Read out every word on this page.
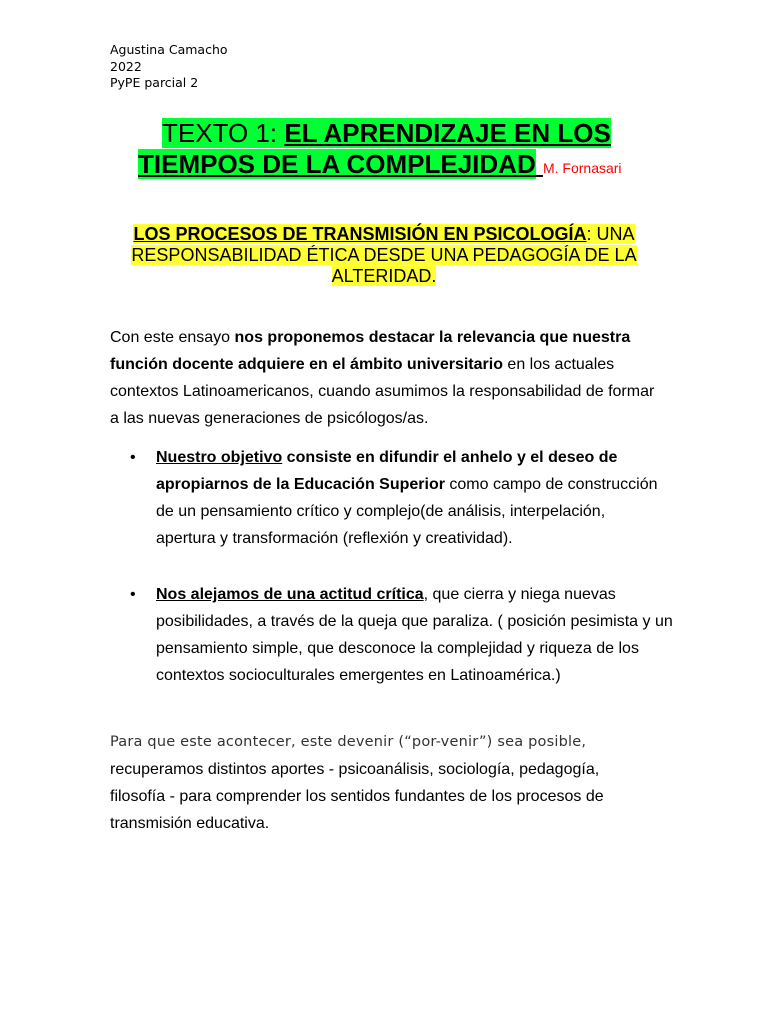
Agustina Camacho
2022
PyPE parcial 2
TEXTO 1: EL APRENDIZAJE EN LOS
TIEMPOS DE LA COMPLEJIDAD M. Fornasari
LOS PROCESOS DE TRANSMISIÓN EN PSICOLOGÍA: UNA RESPONSABILIDAD ÉTICA DESDE UNA PEDAGOGÍA DE LA ALTERIDAD.
Con este ensayo nos proponemos destacar la relevancia que nuestra función docente adquiere en el ámbito universitario en los actuales contextos Latinoamericanos, cuando asumimos la responsabilidad de formar a las nuevas generaciones de psicólogos/as.
• Nuestro objetivo consiste en difundir el anhelo y el deseo de apropiarnos de la Educación Superior como campo de construcción de un pensamiento crítico y complejo(de análisis, interpelación, apertura y transformación (reflexión y creatividad).
• Nos alejamos de una actitud crítica, que cierra y niega nuevas posibilidades, a través de la queja que paraliza. ( posición pesimista y un pensamiento simple, que desconoce la complejidad y riqueza de los contextos socioculturales emergentes en Latinoamérica.)
Para que este acontecer, este devenir (“por-venir”) sea posible, recuperamos distintos aportes - psicoanálisis, sociología, pedagogía, filosofía - para comprender los sentidos fundantes de los procesos de transmisión educativa.
